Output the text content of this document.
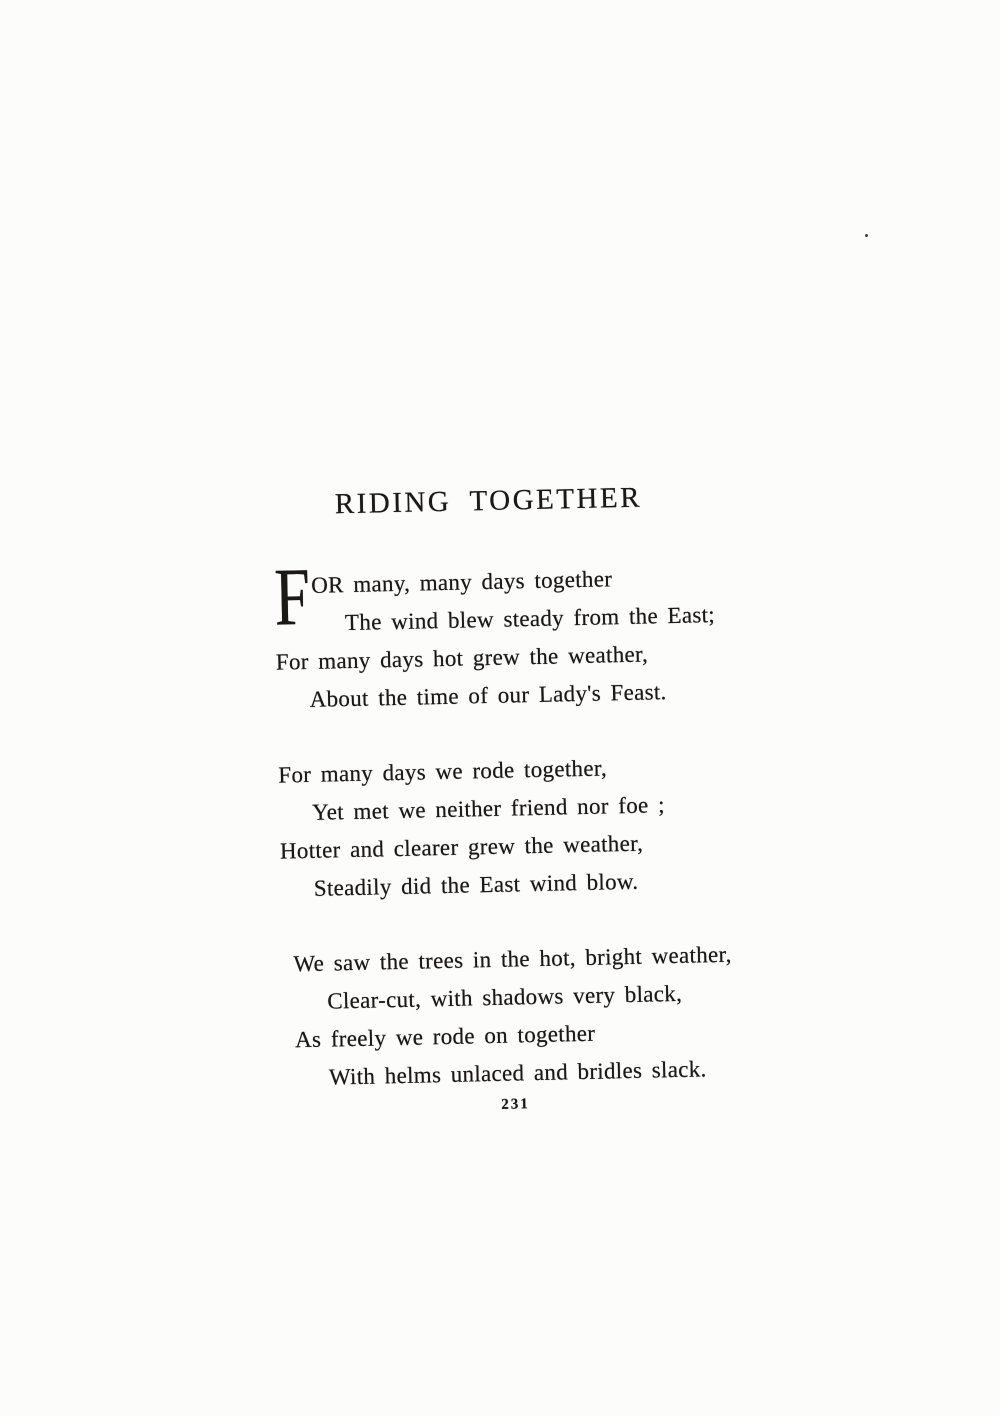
RIDING TOGETHER
F OR many, many days together
The wind blew steady from the East;
For many days hot grew the weather,
About the time of our Lady's Feast.
For many days we rode together,
Yet met we neither friend nor foe ;
Hotter and clearer grew the weather,
Steadily did the East wind blow.
We saw the trees in the hot, bright weather,
Clear-cut, with shadows very black,
As freely we rode on together
With helms unlaced and bridles slack.
231
